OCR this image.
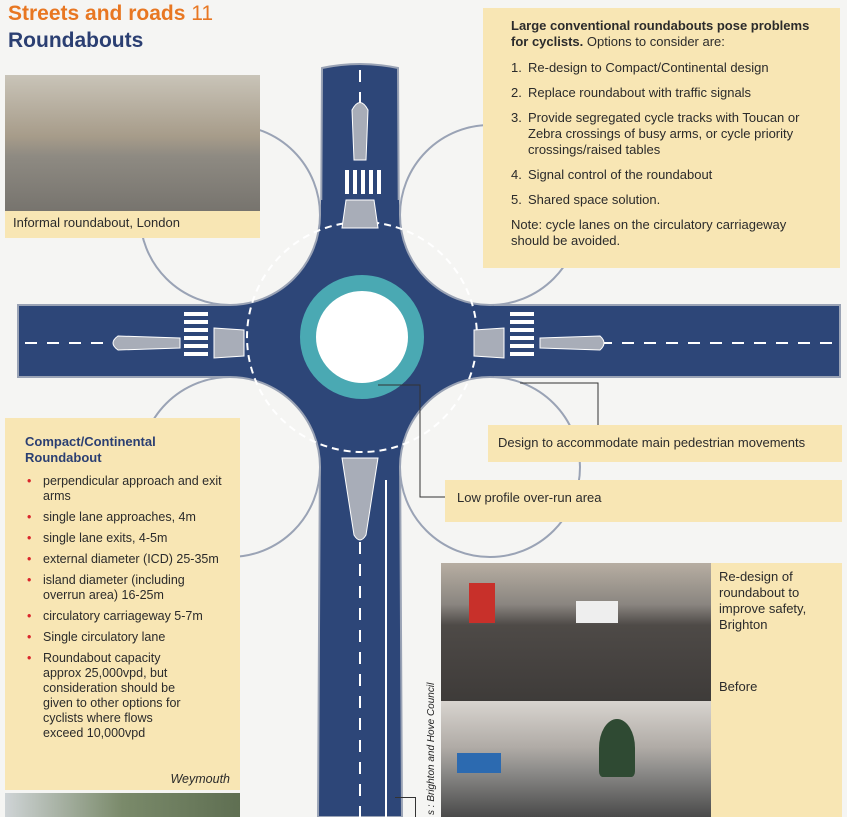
Streets and roads 11
Roundabouts
Informal roundabout, London
Large conventional roundabouts pose problems for cyclists. Options to consider are:
1. Re-design to Compact/Continental design
2. Replace roundabout with traffic signals
3. Provide segregated cycle tracks with Toucan or Zebra crossings of busy arms, or cycle priority crossings/raised tables
4. Signal control of the roundabout
5. Shared space solution.
Note: cycle lanes on the circulatory carriageway should be avoided.
Design to accommodate main pedestrian movements
Low profile over-run area
Compact/Continental Roundabout
• perpendicular approach and exit arms
• single lane approaches, 4m
• single lane exits, 4-5m
• external diameter (ICD) 25-35m
• island diameter (including overrun area) 16-25m
• circulatory carriageway 5-7m
• Single circulatory lane
• Roundabout capacity approx 25,000vpd, but consideration should be given to other options for cyclists where flows exceed 10,000vpd
Weymouth
Re-design of roundabout to improve safety, Brighton
Before
s : Brighton and Hove Council
